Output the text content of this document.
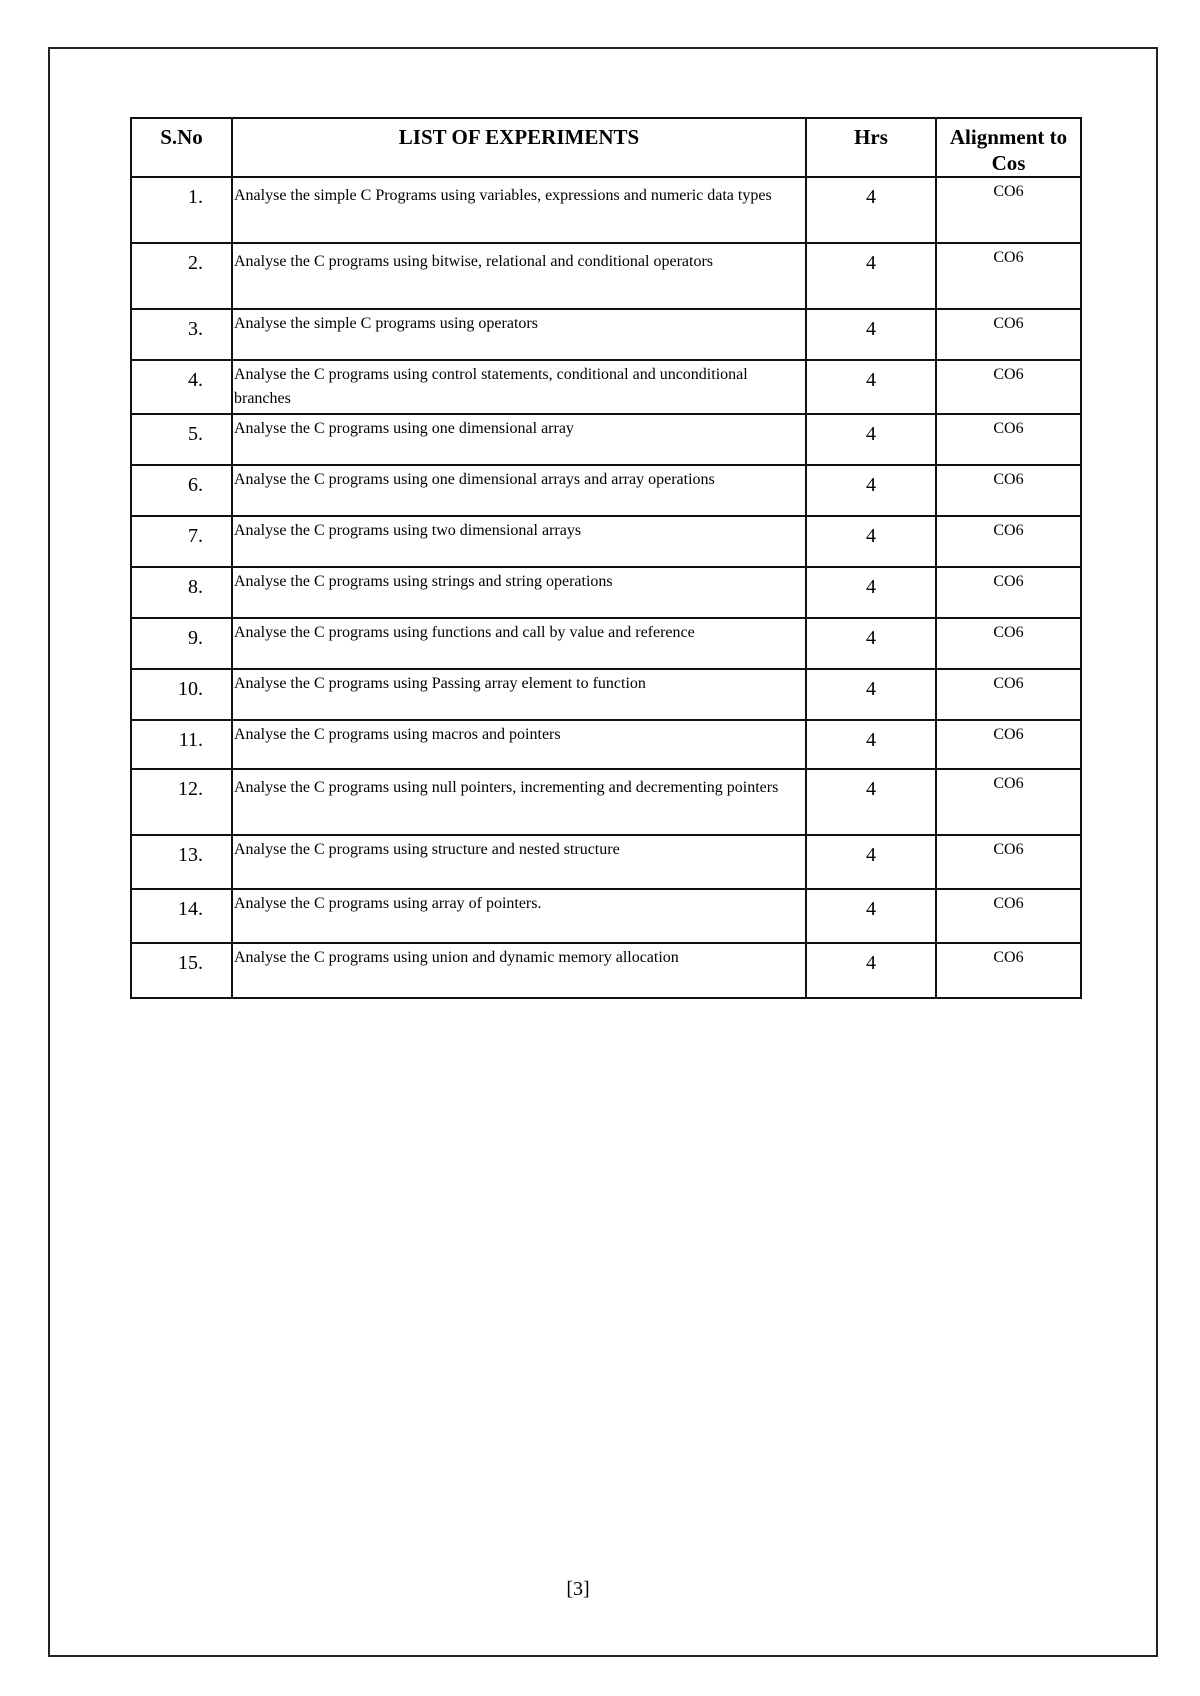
S.No	LIST OF EXPERIMENTS	Hrs	Alignment to Cos
1.	Analyse the simple C Programs using variables, expressions and numeric data types	4	CO6
2.	Analyse the C programs using bitwise, relational and conditional operators	4	CO6
3.	Analyse the simple C programs using operators	4	CO6
4.	Analyse the C programs using control statements, conditional and unconditional branches	4	CO6
5.	Analyse the C programs using one dimensional array	4	CO6
6.	Analyse the C programs using one dimensional arrays and array operations	4	CO6
7.	Analyse the C programs using two dimensional arrays	4	CO6
8.	Analyse the C programs using strings and string operations	4	CO6
9.	Analyse the C programs using functions and call by value and reference	4	CO6
10.	Analyse the C programs using Passing array element to function	4	CO6
11.	Analyse the C programs using macros and pointers	4	CO6
12.	Analyse the C programs using null pointers, incrementing and decrementing pointers	4	CO6
13.	Analyse the C programs using structure and nested structure	4	CO6
14.	Analyse the C programs using array of pointers.	4	CO6
15.	Analyse the C programs using union and dynamic memory allocation	4	CO6
[3]
